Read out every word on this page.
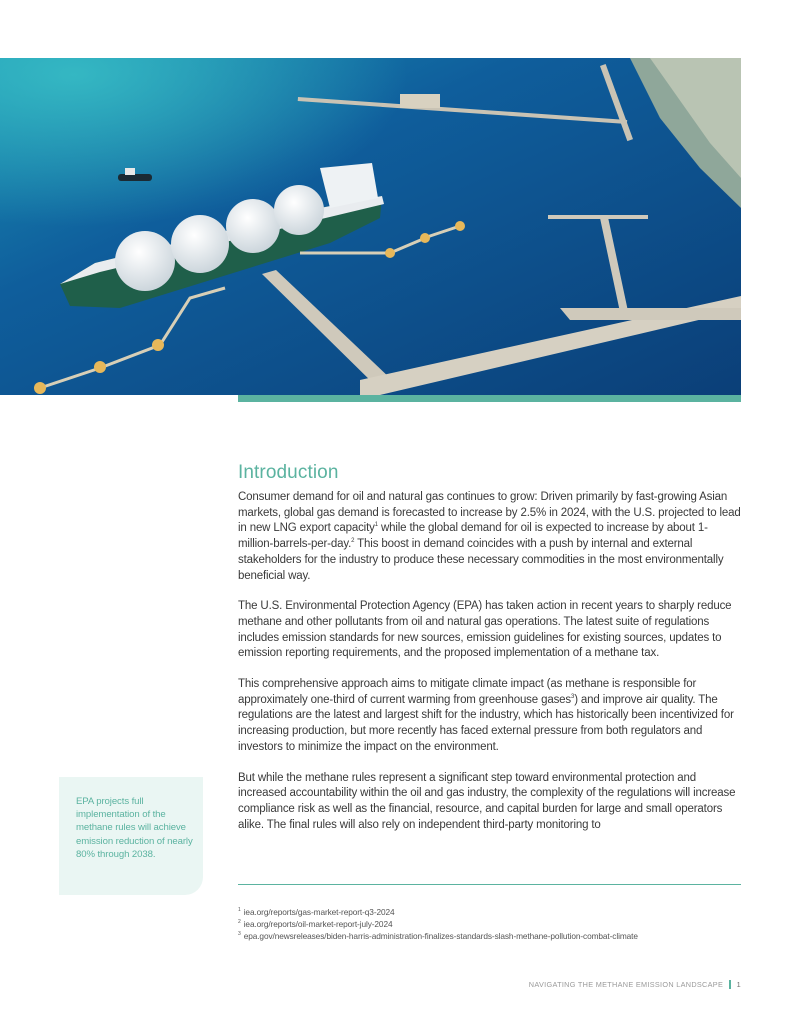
Introduction

Consumer demand for oil and natural gas continues to grow: Driven primarily by fast-growing Asian markets, global gas demand is forecasted to increase by 2.5% in 2024, with the U.S. projected to lead in new LNG export capacity$^1$ while the global demand for oil is expected to increase by about 1-million-barrels-per-day.$^2$ This boost in demand coincides with a push by internal and external stakeholders for the industry to produce these necessary commodities in the most environmentally beneficial way.

The U.S. Environmental Protection Agency (EPA) has taken action in recent years to sharply reduce methane and other pollutants from oil and natural gas operations. The latest suite of regulations includes emission standards for new sources, emission guidelines for existing sources, updates to emission reporting requirements, and the proposed implementation of a methane tax.

This comprehensive approach aims to mitigate climate impact (as methane is responsible for approximately one-third of current warming from greenhouse gases$^3$) and improve air quality. The regulations are the latest and largest shift for the industry, which has historically been incentivized for increasing production, but more recently has faced external pressure from both regulators and investors to minimize the impact on the environment.

But while the methane rules represent a significant step toward environmental protection and increased accountability within the oil and gas industry, the complexity of the regulations will increase compliance risk as well as the financial, resource, and capital burden for large and small operators alike. The final rules will also rely on independent third-party monitoring to

EPA projects full implementation of the methane rules will achieve emission reduction of nearly 80% through 2038.
$^1$ iea.org/reports/gas-market-report-q3-2024
$^2$ iea.org/reports/oil-market-report-july-2024
$^3$ epa.gov/newsreleases/biden-harris-administration-finalizes-standards-slash-methane-pollution-combat-climate
NAVIGATING THE METHANE EMISSION LANDSCAPE 1
